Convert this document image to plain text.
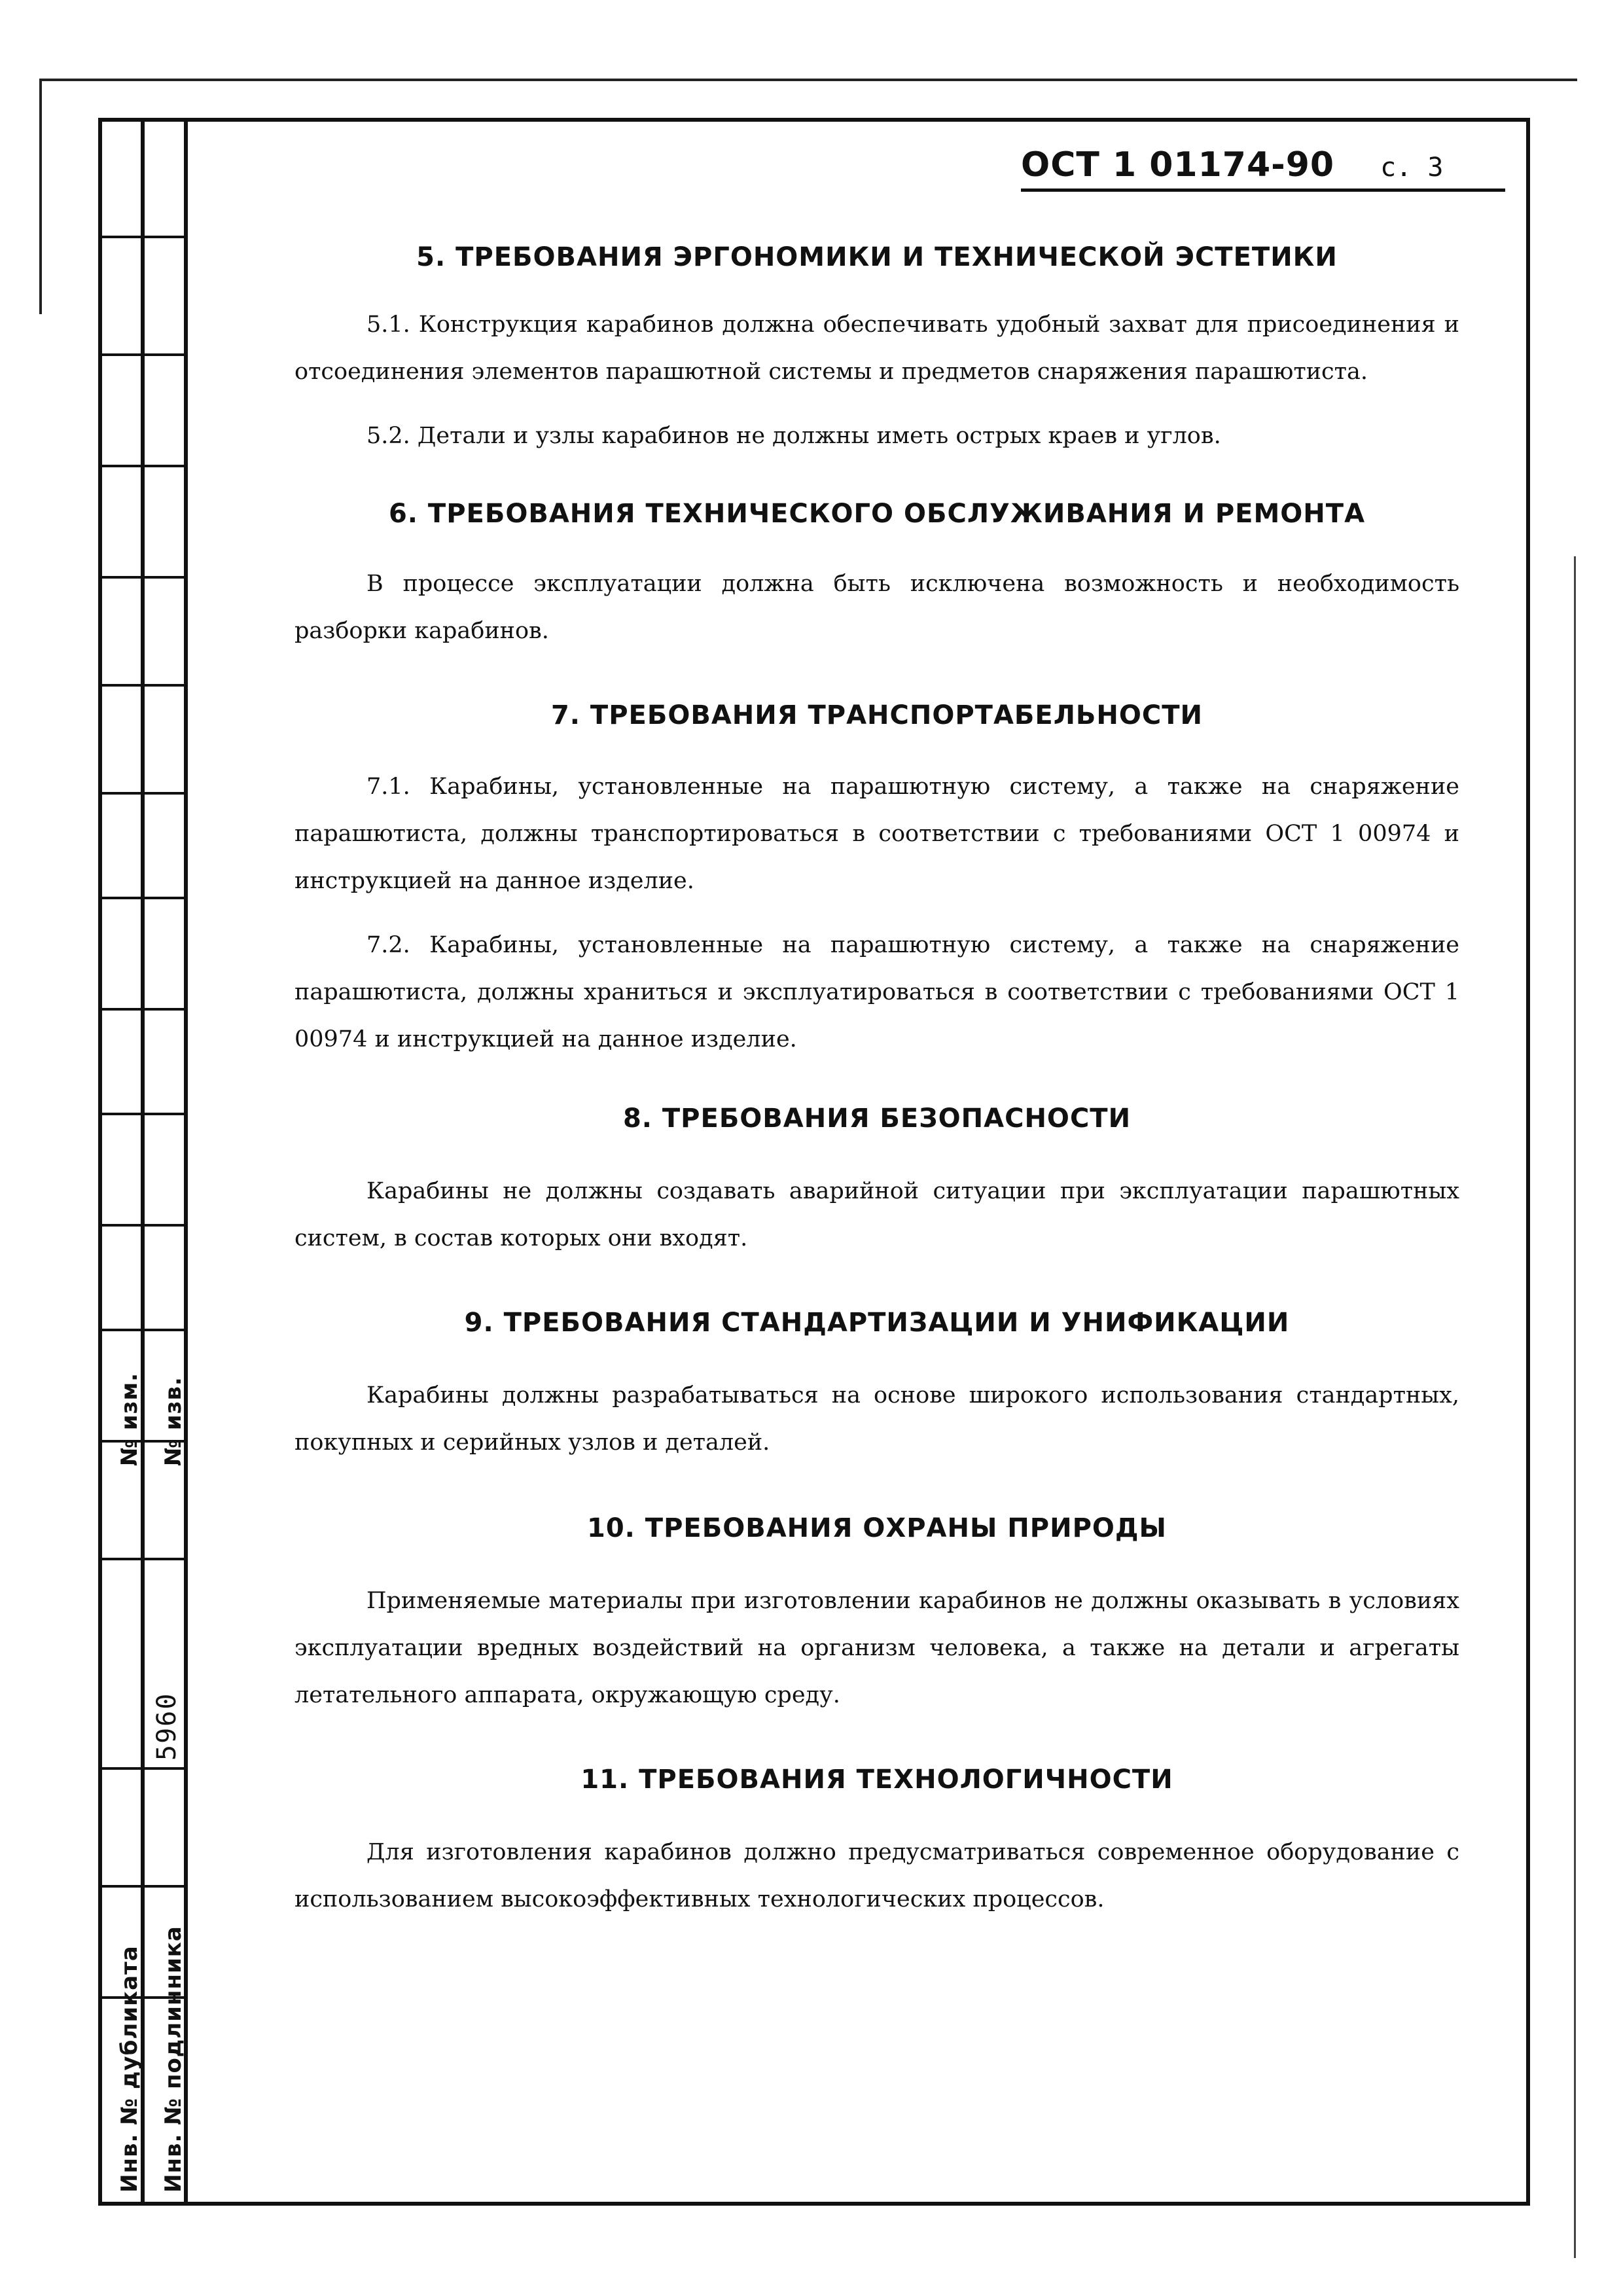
№ изм. № изв.
5960
Инв. № дубликата Инв. № подлинника
ОСТ 1 01174-90 с. 3
5. ТРЕБОВАНИЯ ЭРГОНОМИКИ И ТЕХНИЧЕСКОЙ ЭСТЕТИКИ

5.1. Конструкция карабинов должна обеспечивать удобный захват для присоединения и отсоединения элементов парашютной системы и предметов снаряжения парашютиста.

5.2. Детали и узлы карабинов не должны иметь острых краев и углов.

6. ТРЕБОВАНИЯ ТЕХНИЧЕСКОГО ОБСЛУЖИВАНИЯ И РЕМОНТА

В процессе эксплуатации должна быть исключена возможность и необходимость разборки карабинов.

7. ТРЕБОВАНИЯ ТРАНСПОРТАБЕЛЬНОСТИ

7.1. Карабины, установленные на парашютную систему, а также на снаряжение парашютиста, должны транспортироваться в соответствии с требованиями ОСТ 1 00974 и инструкцией на данное изделие.

7.2. Карабины, установленные на парашютную систему, а также на снаряжение парашютиста, должны храниться и эксплуатироваться в соответствии с требованиями ОСТ 1 00974 и инструкцией на данное изделие.

8. ТРЕБОВАНИЯ БЕЗОПАСНОСТИ

Карабины не должны создавать аварийной ситуации при эксплуатации парашютных систем, в состав которых они входят.

9. ТРЕБОВАНИЯ СТАНДАРТИЗАЦИИ И УНИФИКАЦИИ

Карабины должны разрабатываться на основе широкого использования стандартных, покупных и серийных узлов и деталей.

10. ТРЕБОВАНИЯ ОХРАНЫ ПРИРОДЫ

Применяемые материалы при изготовлении карабинов не должны оказывать в условиях эксплуатации вредных воздействий на организм человека, а также на детали и агрегаты летательного аппарата, окружающую среду.

11. ТРЕБОВАНИЯ ТЕХНОЛОГИЧНОСТИ

Для изготовления карабинов должно предусматриваться современное оборудование с использованием высокоэффективных технологических процессов.
